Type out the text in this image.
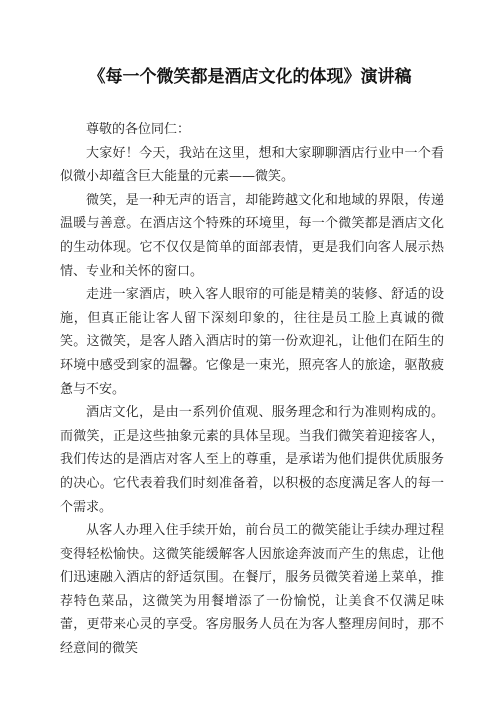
《每一个微笑都是酒店文化的体现》演讲稿

尊敬的各位同仁：

大家好！今天，我站在这里，想和大家聊聊酒店行业中一个看似微小却蕴含巨大能量的元素——微笑。

微笑，是一种无声的语言，却能跨越文化和地域的界限，传递温暖与善意。在酒店这个特殊的环境里，每一个微笑都是酒店文化的生动体现。它不仅仅是简单的面部表情，更是我们向客人展示热情、专业和关怀的窗口。

走进一家酒店，映入客人眼帘的可能是精美的装修、舒适的设施，但真正能让客人留下深刻印象的，往往是员工脸上真诚的微笑。这微笑，是客人踏入酒店时的第一份欢迎礼，让他们在陌生的环境中感受到家的温馨。它像是一束光，照亮客人的旅途，驱散疲惫与不安。

酒店文化，是由一系列价值观、服务理念和行为准则构成的。而微笑，正是这些抽象元素的具体呈现。当我们微笑着迎接客人，我们传达的是酒店对客人至上的尊重，是承诺为他们提供优质服务的决心。它代表着我们时刻准备着，以积极的态度满足客人的每一个需求。

从客人办理入住手续开始，前台员工的微笑能让手续办理过程变得轻松愉快。这微笑能缓解客人因旅途奔波而产生的焦虑，让他们迅速融入酒店的舒适氛围。在餐厅，服务员微笑着递上菜单，推荐特色菜品，这微笑为用餐增添了一份愉悦，让美食不仅满足味蕾，更带来心灵的享受。客房服务人员在为客人整理房间时，那不经意间的微笑
